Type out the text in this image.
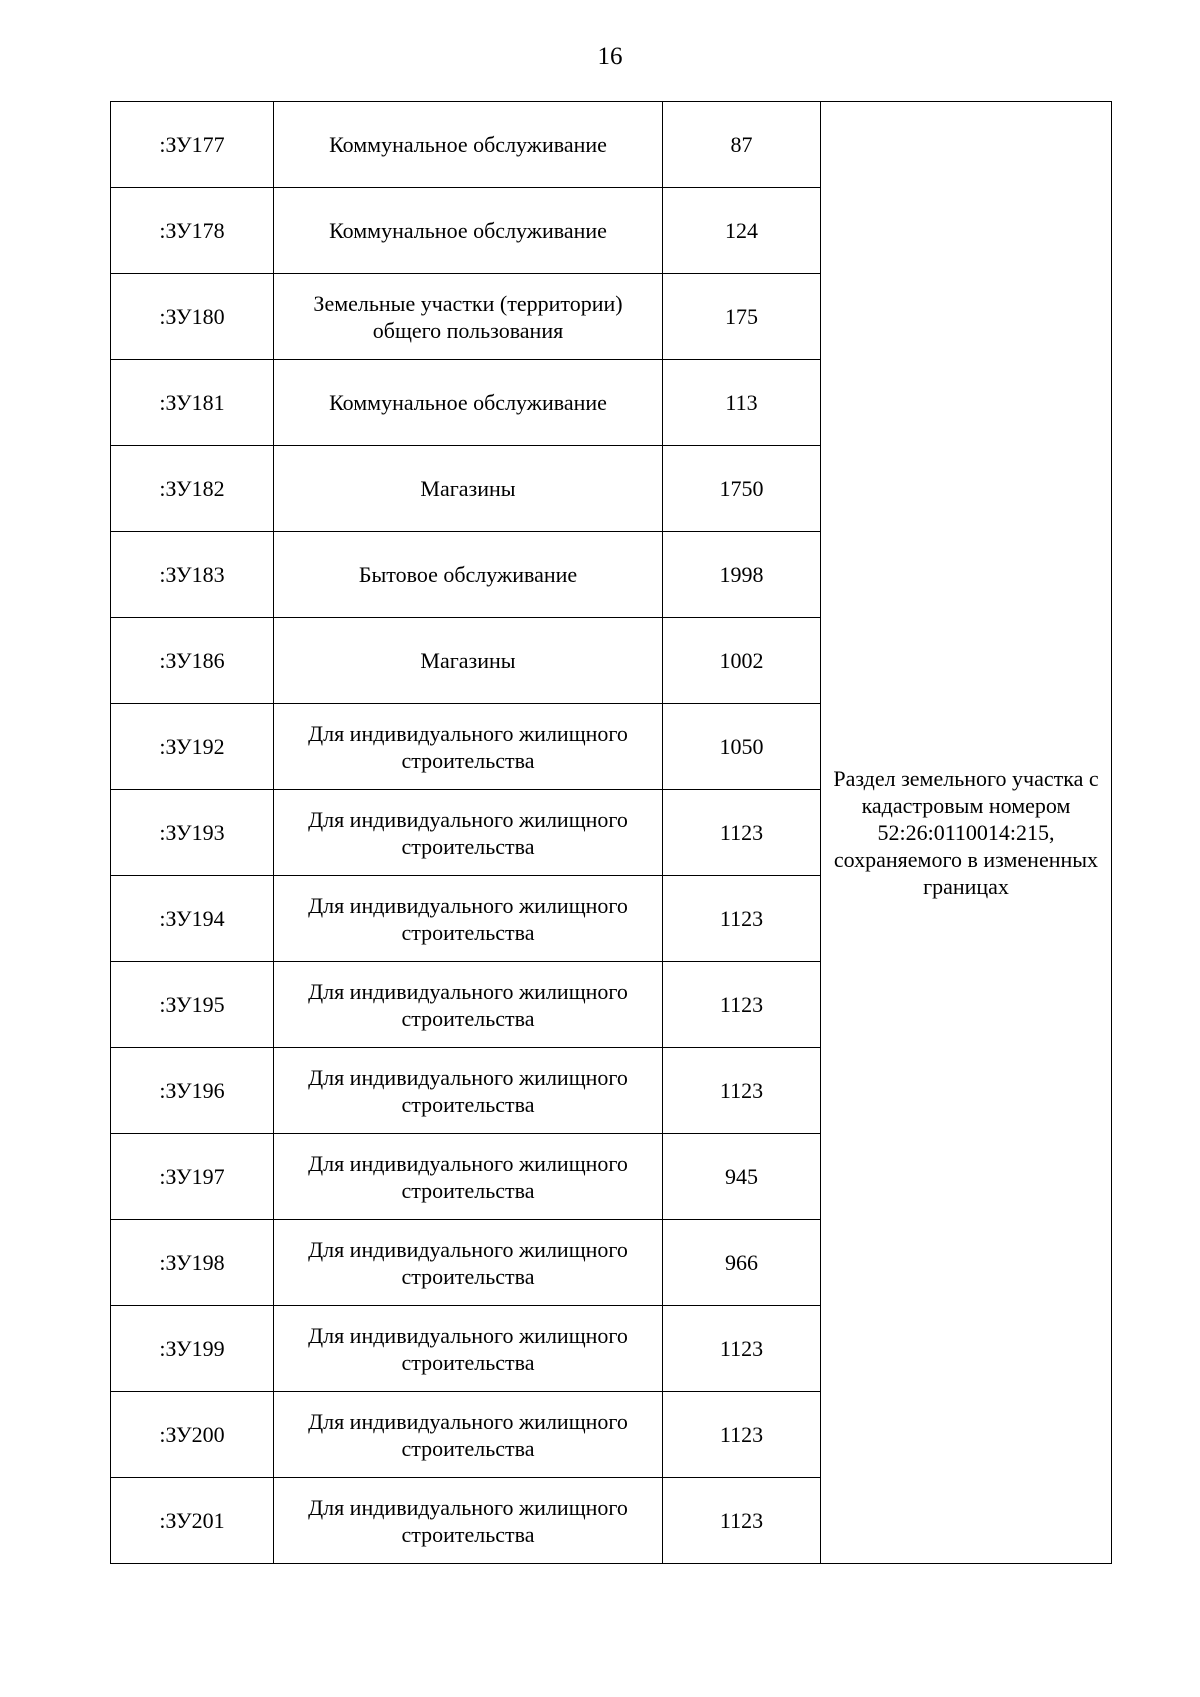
16
:ЗУ177	Коммунальное обслуживание	87	Раздел земельного участка с кадастровым номером 52:26:0110014:215, сохраняемого в измененных границах
:ЗУ178	Коммунальное обслуживание	124	
:ЗУ180	Земельные участки (территории) общего пользования	175	
:ЗУ181	Коммунальное обслуживание	113	
:ЗУ182	Магазины	1750	
:ЗУ183	Бытовое обслуживание	1998	
:ЗУ186	Магазины	1002	
:ЗУ192	Для индивидуального жилищного строительства	1050	
:ЗУ193	Для индивидуального жилищного строительства	1123	
:ЗУ194	Для индивидуального жилищного строительства	1123	
:ЗУ195	Для индивидуального жилищного строительства	1123	
:ЗУ196	Для индивидуального жилищного строительства	1123	
:ЗУ197	Для индивидуального жилищного строительства	945	
:ЗУ198	Для индивидуального жилищного строительства	966	
:ЗУ199	Для индивидуального жилищного строительства	1123	
:ЗУ200	Для индивидуального жилищного строительства	1123	
:ЗУ201	Для индивидуального жилищного строительства	1123	
